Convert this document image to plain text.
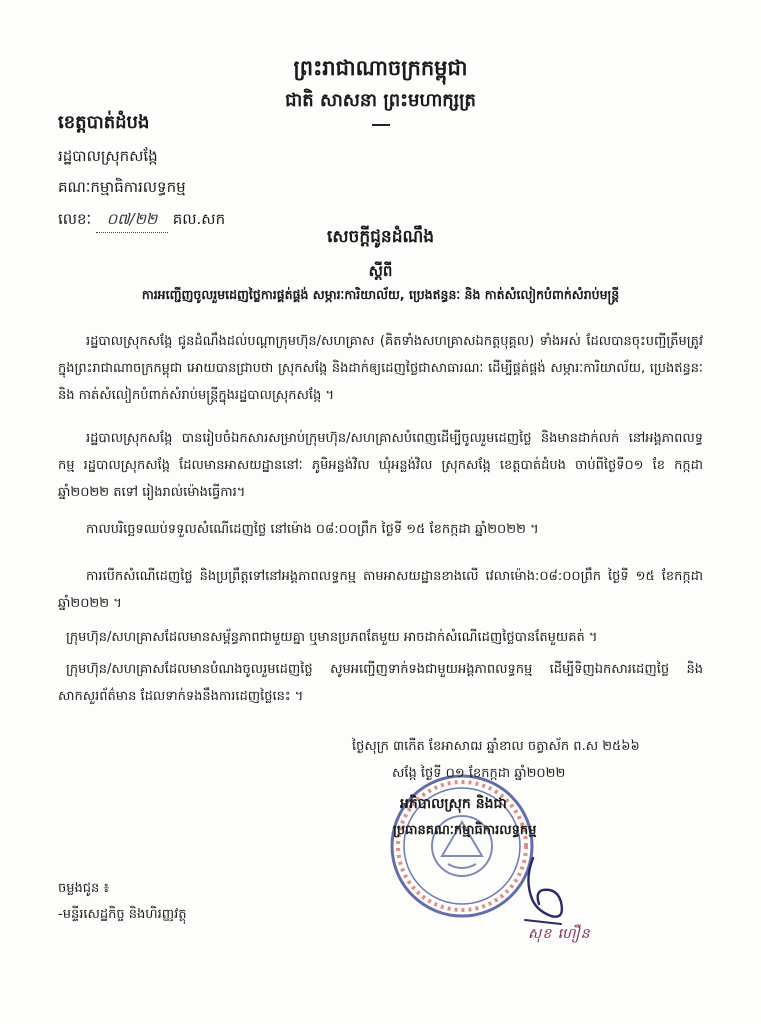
ព្រះរាជាណាចក្រកម្ពុជា
ជាតិ សាសនា ព្រះមហាក្សត្រ
ខេត្តបាត់ដំបង
រដ្ឋបាលស្រុកសង្កែ
គណៈកម្មាធិការលទ្ធកម្ម
លេខៈ ០៧/២២ គល.សក
សេចក្ដីជូនដំណឹង
ស្ដីពី
ការអញ្ជើញចូលរួមដេញថ្លៃការផ្គត់ផ្គង់ សម្ភារៈការិយាល័យ, ប្រេងឥន្ធនៈ និង កាត់សំលៀកបំពាក់សំរាប់មន្ត្រី
រដ្ឋបាលស្រុកសង្កែ ជូនដំណឹងដល់បណ្ដាក្រុមហ៊ុន/សហគ្រាស (គិតទាំងសហគ្រាសឯកត្តបុគ្គល) ទាំងអស់ ដែលបានចុះបញ្ជីត្រឹមត្រូវក្នុងព្រះរាជាណាចក្រកម្ពុជា អោយបានជ្រាបថា ស្រុកសង្កែ និងដាក់ឲ្យដេញថ្លៃជាសាធារណៈ ដើម្បីផ្គត់ផ្គង់ សម្ភារៈការិយាល័យ, ប្រេងឥន្ធនៈ និង កាត់សំលៀកបំពាក់សំរាប់មន្ត្រីក្នុងរដ្ឋបាលស្រុកសង្កែ ។
រដ្ឋបាលស្រុកសង្កែ បានរៀបចំឯកសារសម្រាប់ក្រុមហ៊ុន/សហគ្រាសបំពេញដើម្បីចូលរួមដេញថ្លៃ និងមានដាក់លក់ នៅអង្គភាពលទ្ធកម្ម រដ្ឋបាលស្រុកសង្កែ ដែលមានអាសយដ្ឋាននៅៈ ភូមិអន្លង់វិល ឃុំអន្លង់វិល ស្រុកសង្កែ ខេត្តបាត់ដំបង ចាប់ពីថ្ងៃទី០១ ខែ កក្កដា ឆ្នាំ២០២២ តទៅ រៀងរាល់ម៉ោងធ្វើការ។
កាលបរិច្ឆេទឈប់ទទួលសំណើដេញថ្លៃ នៅម៉ោង ០៨:០០ព្រឹក ថ្ងៃទី ១៥ ខែកក្កដា ឆ្នាំ២០២២ ។
ការបើកសំណើដេញថ្លៃ និងប្រព្រឹត្តទៅនៅអង្គភាពលទ្ធកម្ម តាមអាសយដ្ឋានខាងលើ វេលាម៉ោង:០៨:០០ព្រឹក ថ្ងៃទី ១៥ ខែកក្កដា ឆ្នាំ២០២២ ។
ក្រុមហ៊ុន/សហគ្រាសដែលមានសម្ព័ន្ធភាពជាមួយគ្នា ឬមានប្រភពតែមួយ អាចដាក់សំណើដេញថ្លៃបានតែមួយគត់ ។
ក្រុមហ៊ុន/សហគ្រាសដែលមានបំណងចូលរួមដេញថ្លៃ សូមអញ្ជើញទាក់ទងជាមួយអង្គភាពលទ្ធកម្ម ដើម្បីទិញឯកសារដេញថ្លៃ និងសាកសួរព័ត៌មាន ដែលទាក់ទងនឹងការដេញថ្លៃនេះ ។
ថ្ងៃសុក្រ ៣កើត ខែអាសាឍ ឆ្នាំខាល ចត្វាស័ក ព.ស ២៥៦៦
សង្កែ ថ្ងៃទី ០១ ខែកក្កដា ឆ្នាំ២០២២
អភិបាលស្រុក និងជា
ប្រធានគណៈកម្មាធិការលទ្ធកម្ម
សុខ ហឿន
ចម្លងជូន ៖
-មន្ទីរសេដ្ឋកិច្ច និងហិរញ្ញវត្ថុ
